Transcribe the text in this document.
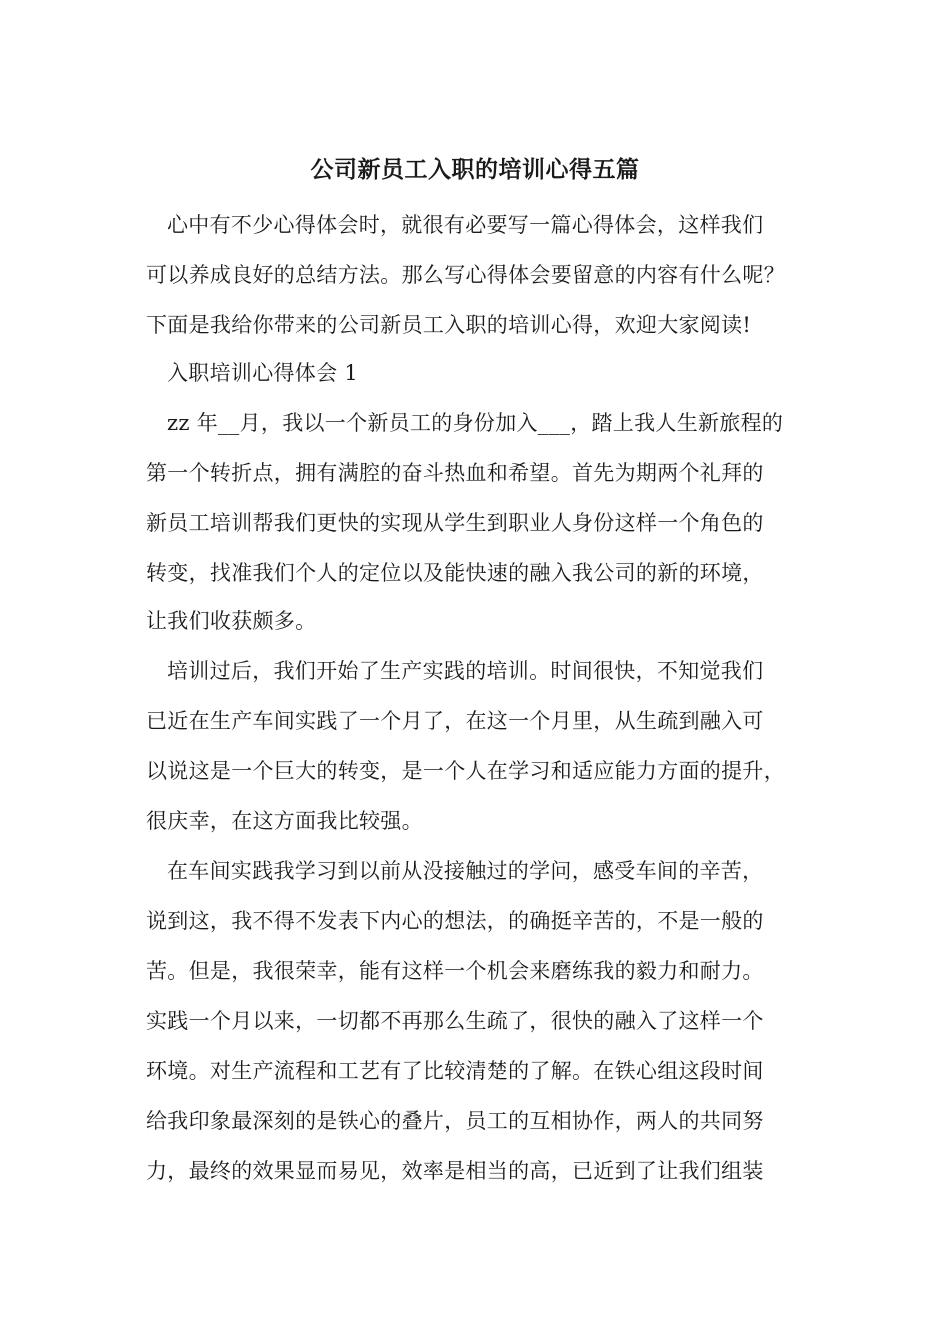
公司新员工入职的培训心得五篇
心中有不少心得体会时，就很有必要写一篇心得体会，这样我们
可以养成良好的总结方法。那么写心得体会要留意的内容有什么呢？
下面是我给你带来的公司新员工入职的培训心得，欢迎大家阅读!
入职培训心得体会 1
zz 年__月，我以一个新员工的身份加入___，踏上我人生新旅程的
第一个转折点，拥有满腔的奋斗热血和希望。首先为期两个礼拜的
新员工培训帮我们更快的实现从学生到职业人身份这样一个角色的
转变，找准我们个人的定位以及能快速的融入我公司的新的环境，
让我们收获颇多。
培训过后，我们开始了生产实践的培训。时间很快，不知觉我们
已近在生产车间实践了一个月了，在这一个月里，从生疏到融入可
以说这是一个巨大的转变，是一个人在学习和适应能力方面的提升，
很庆幸，在这方面我比较强。
在车间实践我学习到以前从没接触过的学问，感受车间的辛苦，
说到这，我不得不发表下内心的想法，的确挺辛苦的，不是一般的
苦。但是，我很荣幸，能有这样一个机会来磨练我的毅力和耐力。
实践一个月以来，一切都不再那么生疏了，很快的融入了这样一个
环境。对生产流程和工艺有了比较清楚的了解。在铁心组这段时间
给我印象最深刻的是铁心的叠片，员工的互相协作，两人的共同努
力，最终的效果显而易见，效率是相当的高，已近到了让我们组装
